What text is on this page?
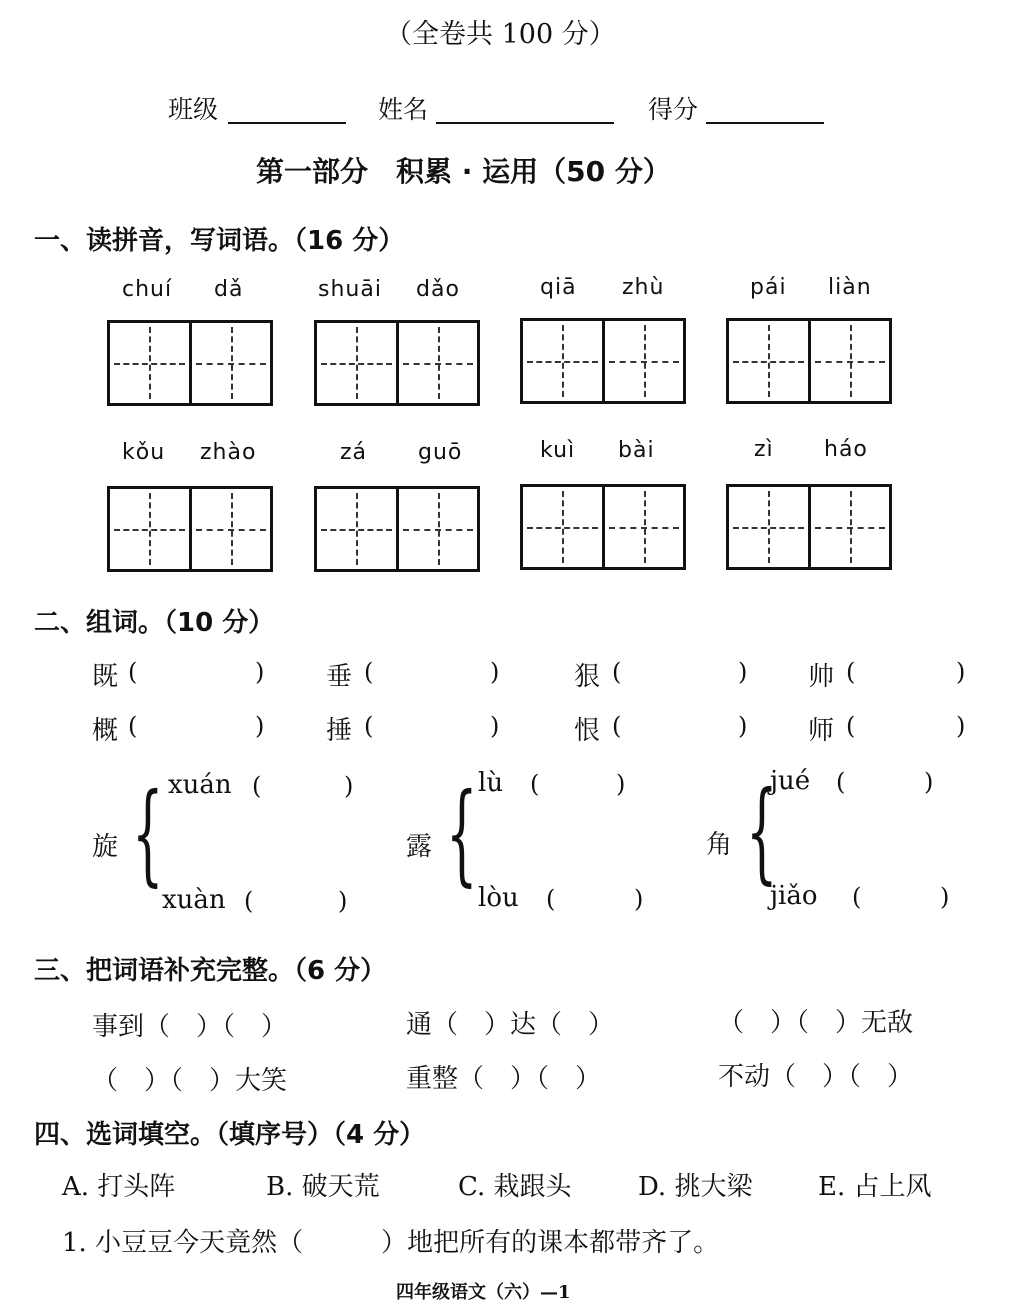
（全卷共 100 分）
班级	姓名	得分
第一部分　积累 · 运用（50 分）
一、读拼音，写词语。（16 分）
chuí dǎ	shuāi dǎo	qiā zhù	pái liàn
kǒu zhào	zá guō	kuì bài	zì háo
二、组词。（10 分）
既 (	) 垂 (	)	狠 (	) 帅 (	)
概 (	) 捶 (	)	恨 (	) 师 (	)
旋 { xuán (	)
xuàn (	)
露 { lù (	)
lòu (	)
角 {
jué (	)
jiǎo (	)
三、把词语补充完整。（6 分）
事到（　）（　）	通（　）达（　）	（　）（　）无敌
（　）（　）大笑	重整（　）（　）	不动（　）（　）
四、选词填空。（填序号）（4 分）
A. 打头阵	B. 破天荒	C. 栽跟头	D. 挑大梁	E. 占上风
1. 小豆豆今天竟然（　　　）地把所有的课本都带齐了。
四年级语文（六）—1
